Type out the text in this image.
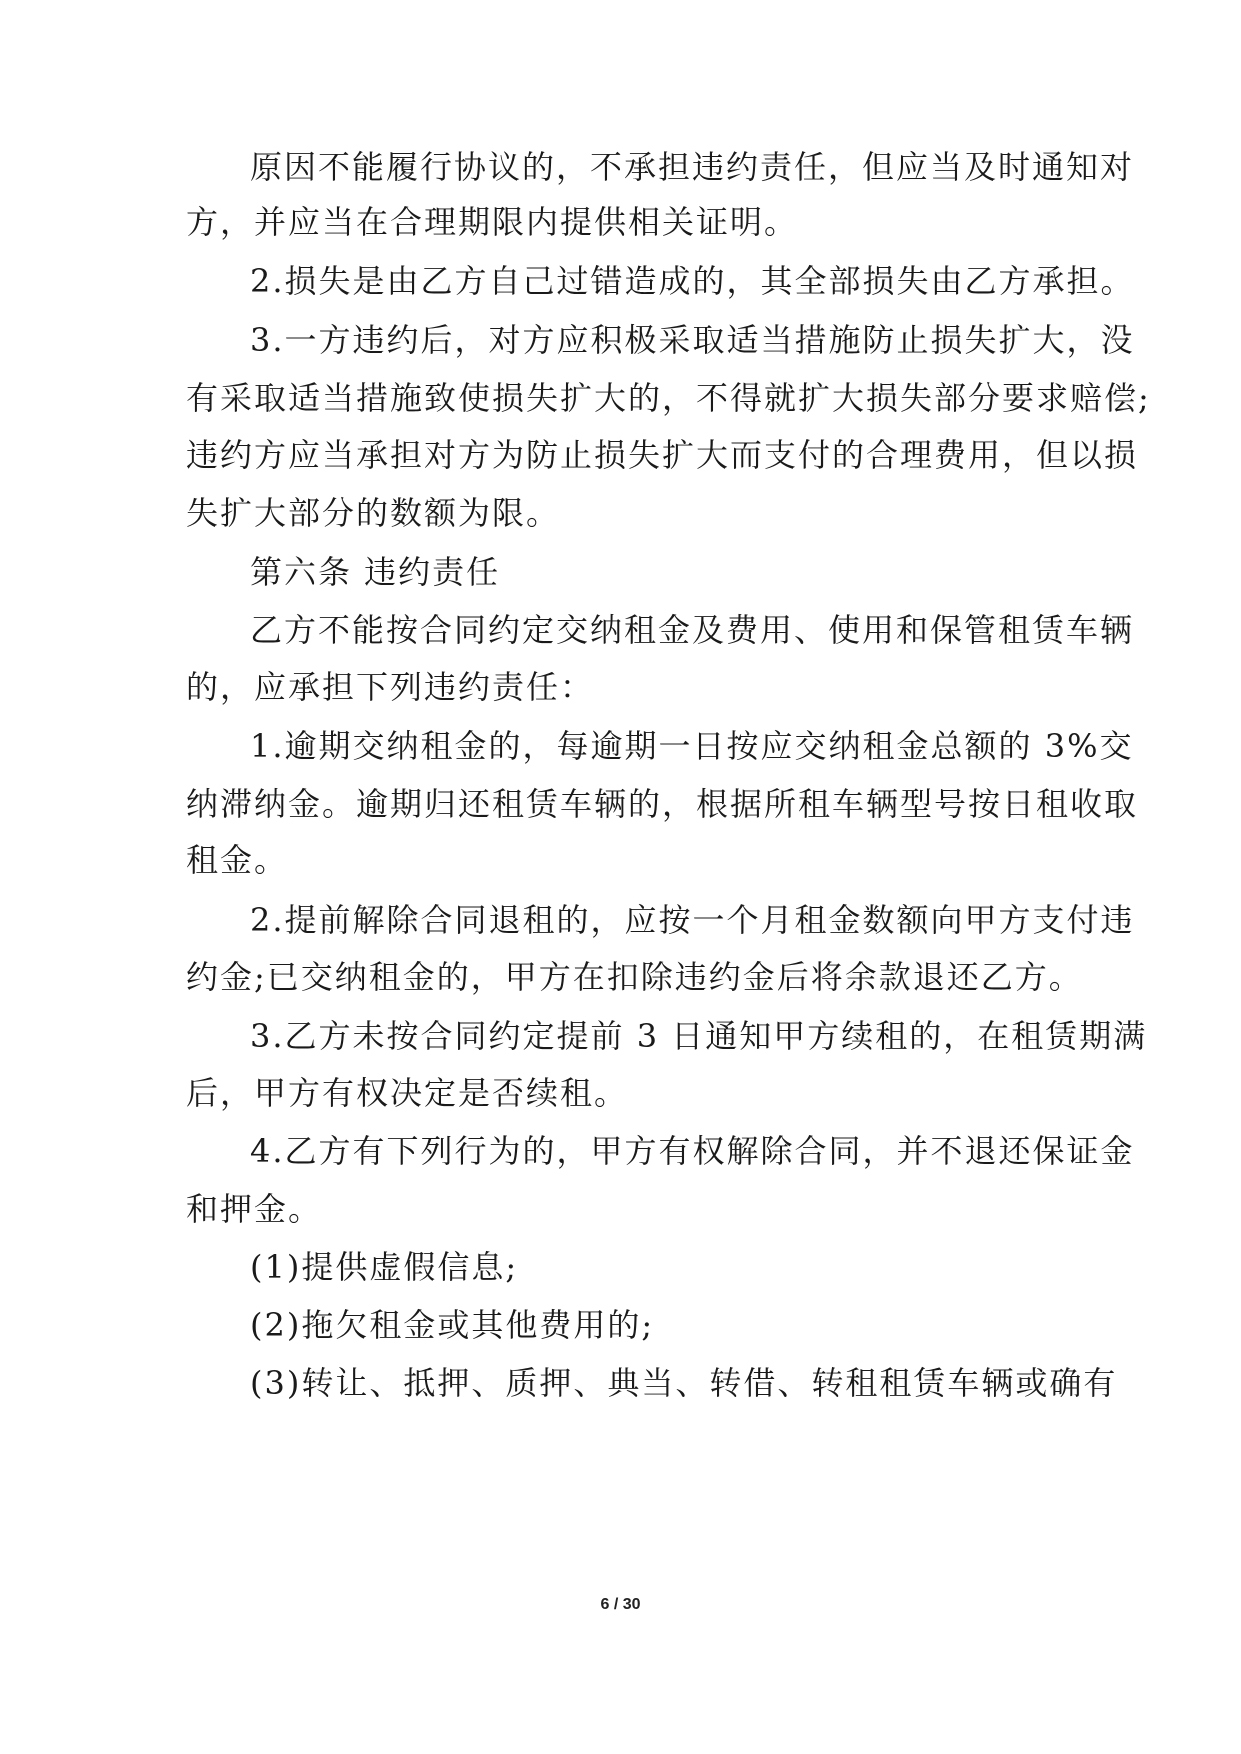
原因不能履行协议的，不承担违约责任，但应当及时通知对
方，并应当在合理期限内提供相关证明。
2.损失是由乙方自己过错造成的，其全部损失由乙方承担。
3.一方违约后，对方应积极采取适当措施防止损失扩大，没
有采取适当措施致使损失扩大的，不得就扩大损失部分要求赔偿;
违约方应当承担对方为防止损失扩大而支付的合理费用，但以损
失扩大部分的数额为限。
第六条 违约责任
乙方不能按合同约定交纳租金及费用、使用和保管租赁车辆
的，应承担下列违约责任：
1.逾期交纳租金的，每逾期一日按应交纳租金总额的 3%交
纳滞纳金。逾期归还租赁车辆的，根据所租车辆型号按日租收取
租金。
2.提前解除合同退租的，应按一个月租金数额向甲方支付违
约金;已交纳租金的，甲方在扣除违约金后将余款退还乙方。
3.乙方未按合同约定提前 3 日通知甲方续租的，在租赁期满
后，甲方有权决定是否续租。
4.乙方有下列行为的，甲方有权解除合同，并不退还保证金
和押金。
(1)提供虚假信息;
(2)拖欠租金或其他费用的;
(3)转让、抵押、质押、典当、转借、转租租赁车辆或确有
6 / 30
